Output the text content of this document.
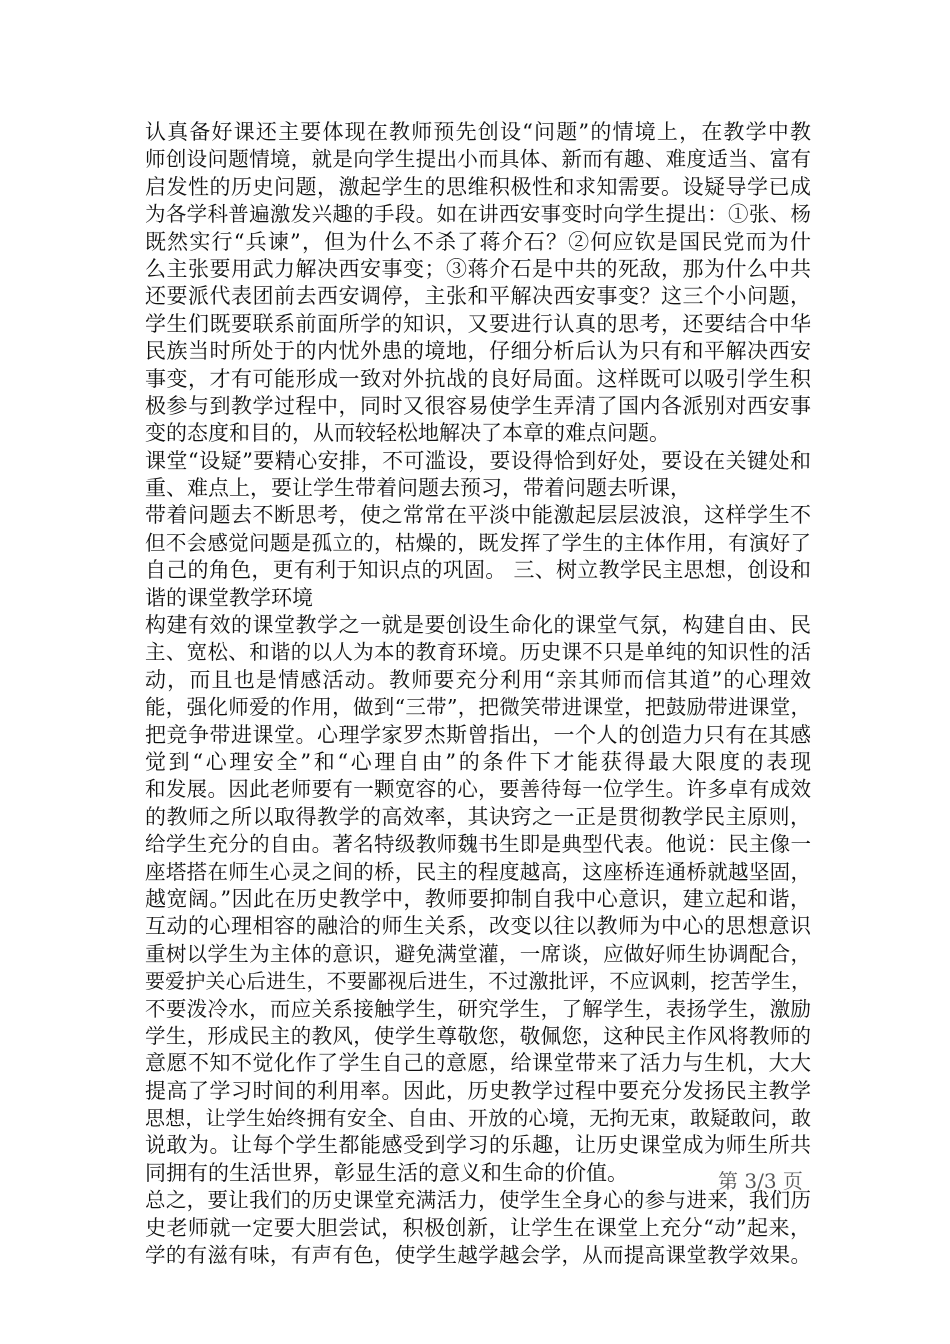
认真备好课还主要体现在教师预先创设“问题”的情境上，在教学中教
师创设问题情境，就是向学生提出小而具体、新而有趣、难度适当、富有
启发性的历史问题，激起学生的思维积极性和求知需要。设疑导学已成
为各学科普遍激发兴趣的手段。如在讲西安事变时向学生提出：①张、杨
既然实行“兵谏”，但为什么不杀了蒋介石？②何应钦是国民党而为什
么主张要用武力解决西安事变；③蒋介石是中共的死敌，那为什么中共
还要派代表团前去西安调停，主张和平解决西安事变？这三个小问题，
学生们既要联系前面所学的知识，又要进行认真的思考，还要结合中华
民族当时所处于的内忧外患的境地，仔细分析后认为只有和平解决西安
事变，才有可能形成一致对外抗战的良好局面。这样既可以吸引学生积
极参与到教学过程中，同时又很容易使学生弄清了国内各派别对西安事
变的态度和目的，从而较轻松地解决了本章的难点问题。
课堂“设疑”要精心安排，不可滥设，要设得恰到好处，要设在关键处和
重、难点上，要让学生带着问题去预习，带着问题去听课，
带着问题去不断思考，使之常常在平淡中能激起层层波浪，这样学生不
但不会感觉问题是孤立的，枯燥的，既发挥了学生的主体作用，有演好了
自己的角色，更有利于知识点的巩固。 三、树立教学民主思想，创设和
谐的课堂教学环境
构建有效的课堂教学之一就是要创设生命化的课堂气氛，构建自由、民
主、宽松、和谐的以人为本的教育环境。历史课不只是单纯的知识性的活
动，而且也是情感活动。教师要充分利用“亲其师而信其道”的心理效
能，强化师爱的作用，做到“三带”，把微笑带进课堂，把鼓励带进课堂，
把竞争带进课堂。心理学家罗杰斯曾指出，一个人的创造力只有在其感
觉到“心理安全”和“心理自由”的条件下才能获得最大限度的表现
和发展。因此老师要有一颗宽容的心，要善待每一位学生。许多卓有成效
的教师之所以取得教学的高效率，其诀窍之一正是贯彻教学民主原则，
给学生充分的自由。著名特级教师魏书生即是典型代表。他说：民主像一
座塔搭在师生心灵之间的桥，民主的程度越高，这座桥连通桥就越坚固，
越宽阔。”因此在历史教学中，教师要抑制自我中心意识，建立起和谐，
互动的心理相容的融洽的师生关系，改变以往以教师为中心的思想意识
重树以学生为主体的意识，避免满堂灌，一席谈，应做好师生协调配合，
要爱护关心后进生，不要鄙视后进生，不过激批评，不应讽刺，挖苦学生，
不要泼冷水，而应关系接触学生，研究学生，了解学生，表扬学生，激励
学生，形成民主的教风，使学生尊敬您，敬佩您，这种民主作风将教师的
意愿不知不觉化作了学生自己的意愿，给课堂带来了活力与生机，大大
提高了学习时间的利用率。因此，历史教学过程中要充分发扬民主教学
思想，让学生始终拥有安全、自由、开放的心境，无拘无束，敢疑敢问，敢
说敢为。让每个学生都能感受到学习的乐趣，让历史课堂成为师生所共
同拥有的生活世界，彰显生活的意义和生命的价值。
总之，要让我们的历史课堂充满活力，使学生全身心的参与进来，我们历
史老师就一定要大胆尝试，积极创新，让学生在课堂上充分“动”起来，
学的有滋有味，有声有色，使学生越学越会学，从而提高课堂教学效果。
第 3/3 页
